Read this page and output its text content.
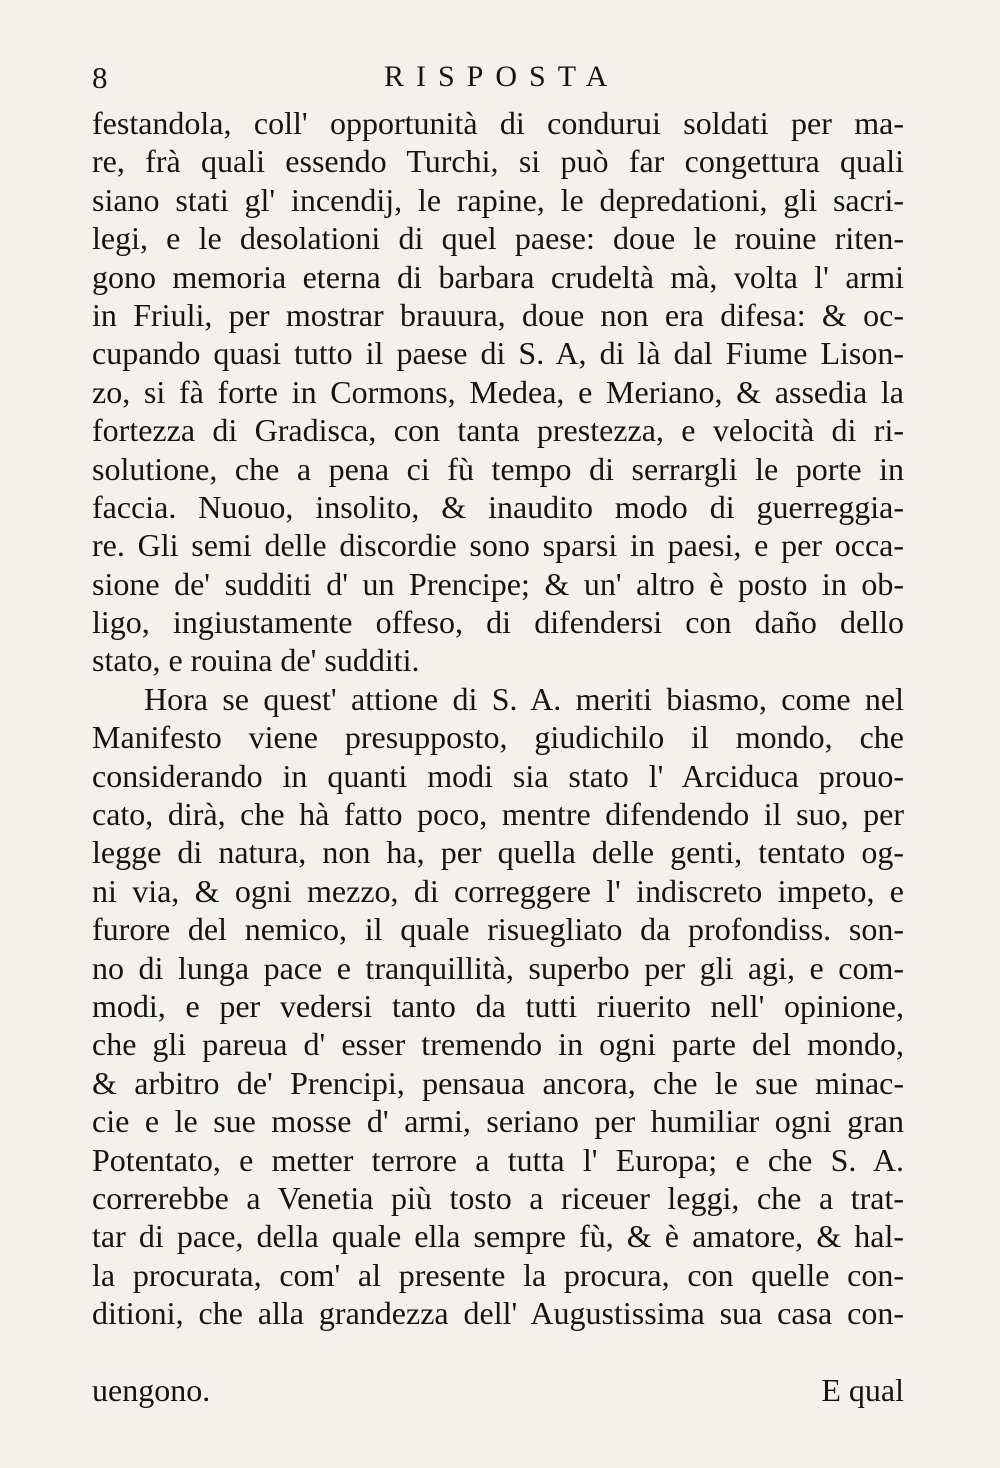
8	RISPOSTA
festandola, coll' opportunità di condurui soldati per ma-
re, frà quali essendo Turchi, si può far congettura quali
siano stati gl' incendij, le rapine, le depredationi, gli sacri-
legi, e le desolationi di quel paese: doue le rouine riten-
gono memoria eterna di barbara crudeltà mà, volta l' armi
in Friuli, per mostrar brauura, doue non era difesa: & oc-
cupando quasi tutto il paese di S. A, di là dal Fiume Lison-
zo, si fà forte in Cormons, Medea, e Meriano, & assedia la
fortezza di Gradisca, con tanta prestezza, e velocità di ri-
solutione, che a pena ci fù tempo di serrargli le porte in
faccia. Nuouo, insolito, & inaudito modo di guerreggia-
re. Gli semi delle discordie sono sparsi in paesi, e per occa-
sione de' sudditi d' un Prencipe; & un' altro è posto in ob-
ligo, ingiustamente offeso, di difendersi con daño dello
stato, e rouina de' sudditi.
Hora se quest' attione di S. A. meriti biasmo, come nel
Manifesto viene presupposto, giudichilo il mondo, che
considerando in quanti modi sia stato l' Arciduca prouo-
cato, dirà, che hà fatto poco, mentre difendendo il suo, per
legge di natura, non ha, per quella delle genti, tentato og-
ni via, & ogni mezzo, di correggere l' indiscreto impeto, e
furore del nemico, il quale risuegliato da profondiss. son-
no di lunga pace e tranquillità, superbo per gli agi, e com-
modi, e per vedersi tanto da tutti riuerito nell' opinione,
che gli pareua d' esser tremendo in ogni parte del mondo,
& arbitro de' Prencipi, pensaua ancora, che le sue minac-
cie e le sue mosse d' armi, seriano per humiliar ogni gran
Potentato, e metter terrore a tutta l' Europa; e che S. A.
correrebbe a Venetia più tosto a riceuer leggi, che a trat-
tar di pace, della quale ella sempre fù, & è amatore, & hal-
la procurata, com' al presente la procura, con quelle con-
ditioni, che alla grandezza dell' Augustissima sua casa con-
uengono.	E qual
